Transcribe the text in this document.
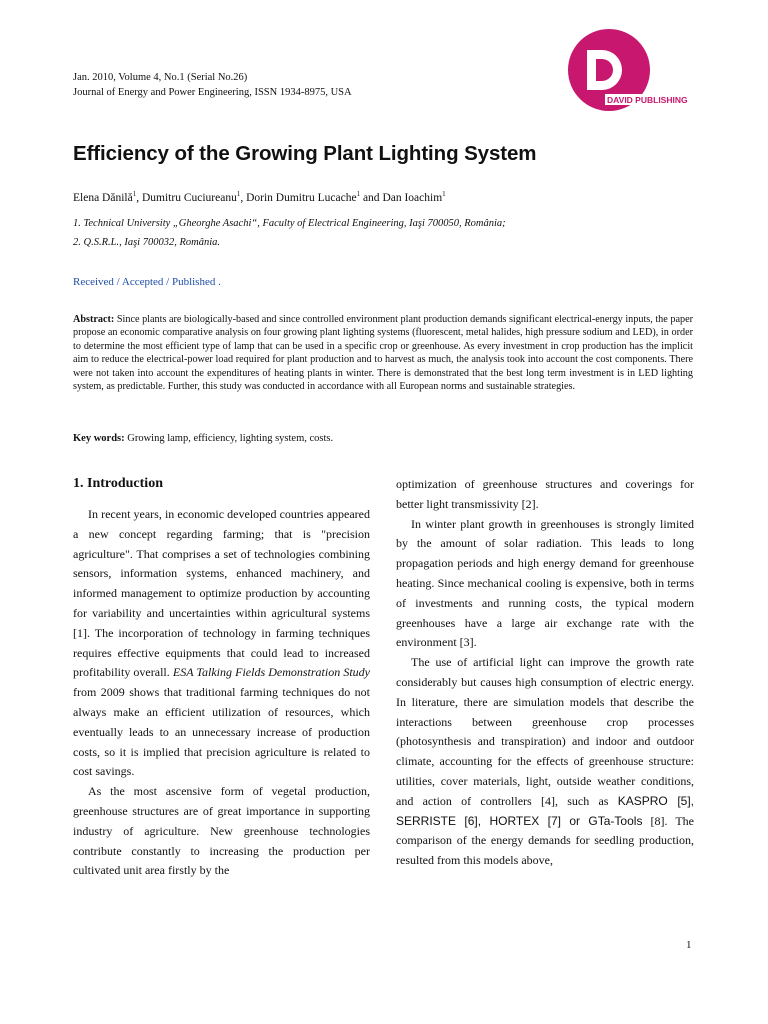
Jan. 2010, Volume 4, No.1 (Serial No.26)
Journal of Energy and Power Engineering, ISSN 1934-8975, USA
DAVID PUBLISHING
Efficiency of the Growing Plant Lighting System
Elena Dănilă$^1$, Dumitru Cuciureanu$^1$, Dorin Dumitru Lucache$^1$ and Dan Ioachim$^1$
1. Technical University „Gheorghe Asachi“, Faculty of Electrical Engineering, Iaşi 700050, România;
2. Q.S.R.L., Iaşi 700032, România.
Received / Accepted / Published .

Abstract: Since plants are biologically-based and since controlled environment plant production demands significant electrical-energy inputs, the paper propose an economic comparative analysis on four growing plant lighting systems (fluorescent, metal halides, high pressure sodium and LED), in order to determine the most efficient type of lamp that can be used in a specific crop or greenhouse. As every investment in crop production has the implicit aim to reduce the electrical-power load required for plant production and to harvest as much, the analysis took into account the cost components. There were not taken into account the expenditures of heating plants in winter. There is demonstrated that the best long term investment is in LED lighting system, as predictable. Further, this study was conducted in accordance with all European norms and sustainable strategies.

Key words: Growing lamp, efficiency, lighting system, costs.
1. Introduction

In recent years, in economic developed countries appeared a new concept regarding farming; that is "precision agriculture". That comprises a set of technologies combining sensors, information systems, enhanced machinery, and informed management to optimize production by accounting for variability and uncertainties within agricultural systems [1]. The incorporation of technology in farming techniques requires effective equipments that could lead to increased profitability overall. ESA Talking Fields Demonstration Study from 2009 shows that traditional farming techniques do not always make an efficient utilization of resources, which eventually leads to an unnecessary increase of production costs, so it is implied that precision agriculture is related to cost savings.

As the most ascensive form of vegetal production, greenhouse structures are of great importance in supporting industry of agriculture. New greenhouse technologies contribute constantly to increasing the production per cultivated unit area firstly by the

optimization of greenhouse structures and coverings for better light transmissivity [2].

In winter plant growth in greenhouses is strongly limited by the amount of solar radiation. This leads to long propagation periods and high energy demand for greenhouse heating. Since mechanical cooling is expensive, both in terms of investments and running costs, the typical modern greenhouses have a large air exchange rate with the environment [3].

The use of artificial light can improve the growth rate considerably but causes high consumption of electric energy. In literature, there are simulation models that describe the interactions between greenhouse crop processes (photosynthesis and transpiration) and indoor and outdoor climate, accounting for the effects of greenhouse structure: utilities, cover materials, light, outside weather conditions, and action of controllers [4], such as KASPRO [5], SERRISTE [6], HORTEX [7] or GTa-Tools [8]. The comparison of the energy demands for seedling production, resulted from this models above,

1
